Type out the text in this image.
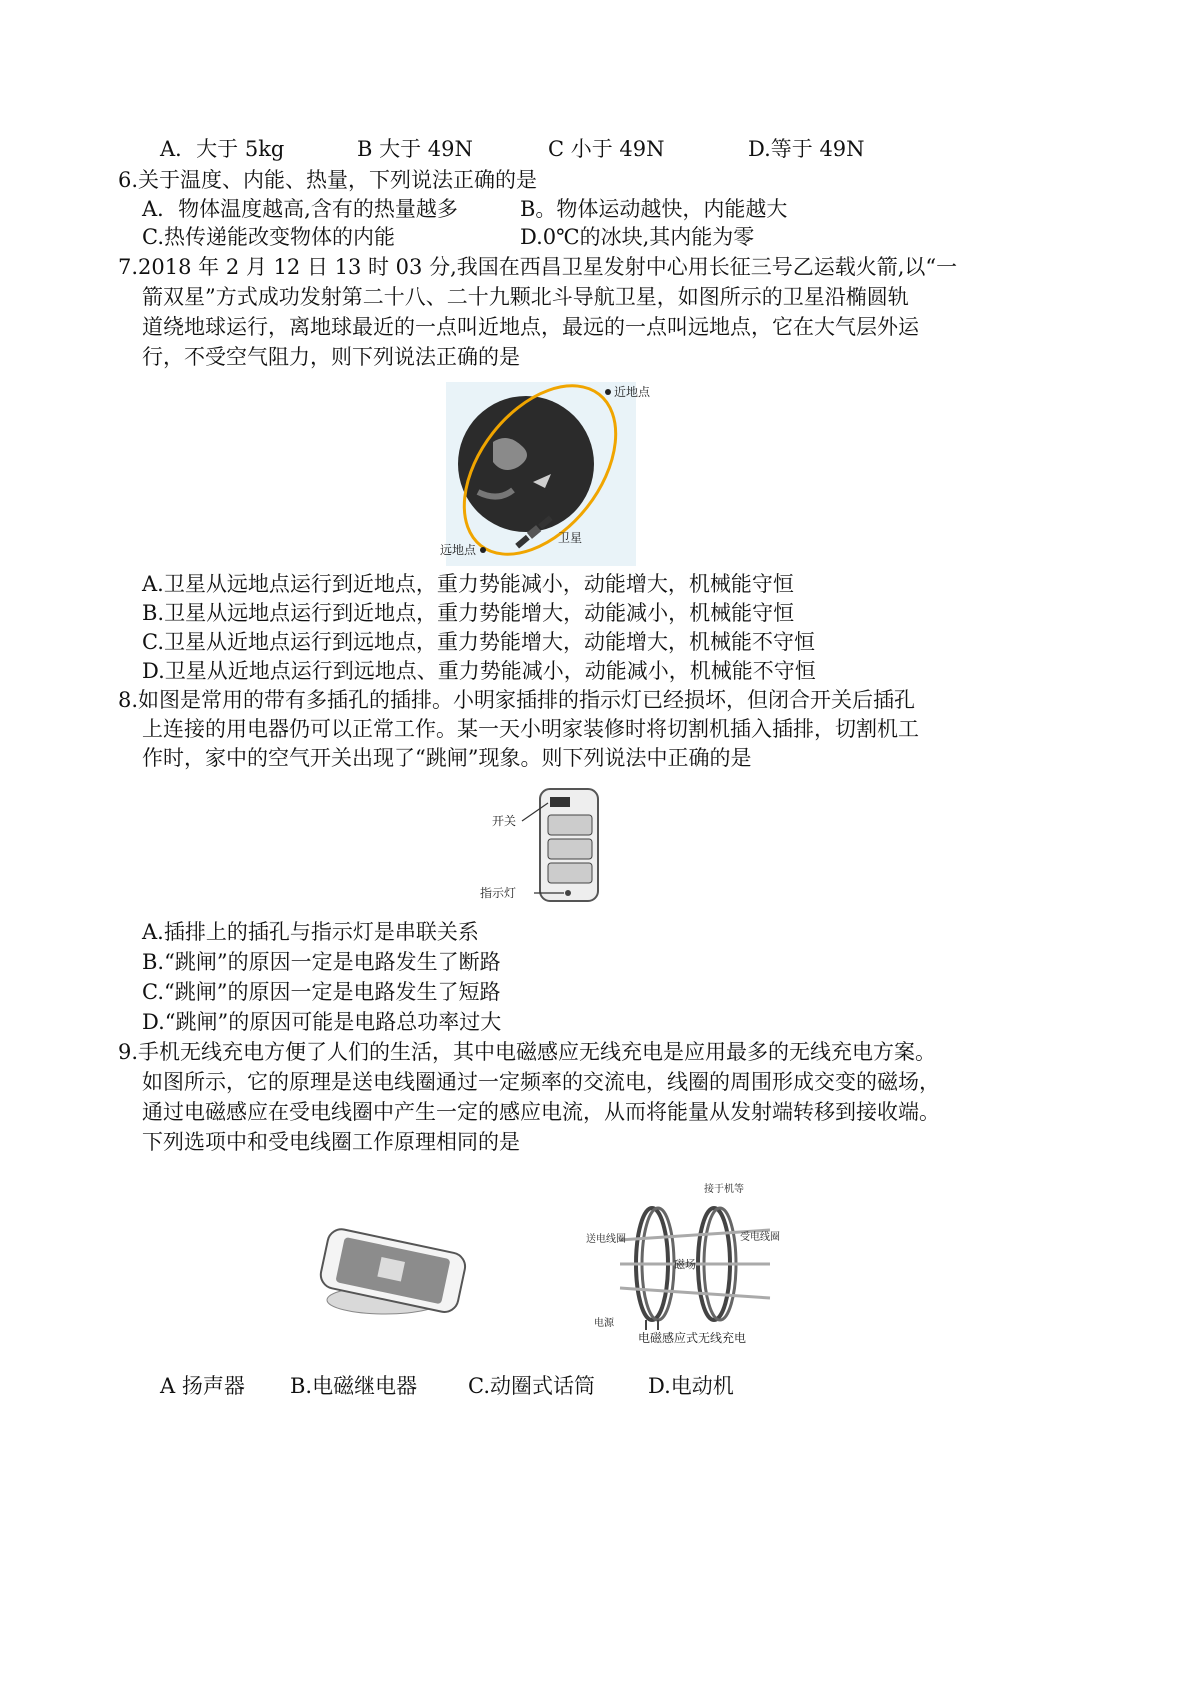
A．大于 5kg	B 大于 49N	C 小于 49N	D.等于 49N
6.关于温度、内能、热量，下列说法正确的是
A．物体温度越高,含有的热量越多	B。物体运动越快，内能越大
C.热传递能改变物体的内能	D.0℃的冰块,其内能为零
7.2018 年 2 月 12 日 13 时 03 分,我国在西昌卫星发射中心用长征三号乙运载火箭,以“一
箭双星”方式成功发射第二十八、二十九颗北斗导航卫星，如图所示的卫星沿椭圆轨
道绕地球运行，离地球最近的一点叫近地点，最远的一点叫远地点，它在大气层外运
行，不受空气阻力，则下列说法正确的是
近地点
远地点
卫星
A.卫星从远地点运行到近地点，重力势能减小，动能增大，机械能守恒
B.卫星从远地点运行到近地点，重力势能增大，动能减小，机械能守恒
C.卫星从近地点运行到远地点，重力势能增大，动能增大，机械能不守恒
D.卫星从近地点运行到远地点、重力势能减小，动能减小，机械能不守恒
8.如图是常用的带有多插孔的插排。小明家插排的指示灯已经损坏，但闭合开关后插孔
上连接的用电器仍可以正常工作。某一天小明家装修时将切割机插入插排，切割机工
作时，家中的空气开关出现了“跳闸”现象。则下列说法中正确的是
开关
指示灯
A.插排上的插孔与指示灯是串联关系
B.“跳闸”的原因一定是电路发生了断路
C.“跳闸”的原因一定是电路发生了短路
D.“跳闸”的原因可能是电路总功率过大
9.手机无线充电方便了人们的生活，其中电磁感应无线充电是应用最多的无线充电方案。
如图所示，它的原理是送电线圈通过一定频率的交流电，线圈的周围形成交变的磁场，
通过电磁感应在受电线圈中产生一定的感应电流，从而将能量从发射端转移到接收端。
下列选项中和受电线圈工作原理相同的是
接于机等
送电线圈	受电线圈
磁场
电源
电磁感应式无线充电
A 扬声器 B.电磁继电器 C.动圈式话筒	D.电动机
